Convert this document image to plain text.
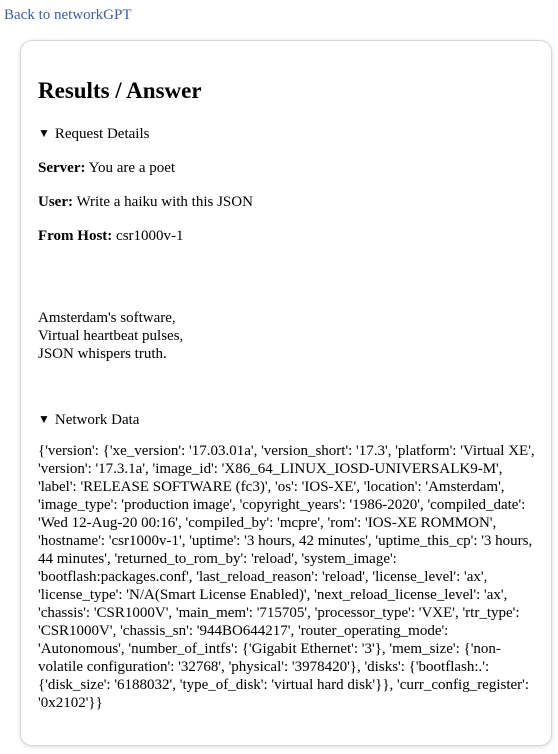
Back to networkGPT
Results / Answer
▼ Request Details
Server: You are a poet
User: Write a haiku with this JSON
From Host: csr1000v-1
Amsterdam's software,
Virtual heartbeat pulses,
JSON whispers truth.
▼ Network Data
{'version': {'xe_version': '17.03.01a', 'version_short': '17.3', 'platform': 'Virtual XE', 'version': '17.3.1a', 'image_id': 'X86_64_LINUX_IOSD-UNIVERSALK9-M', 'label': 'RELEASE SOFTWARE (fc3)', 'os': 'IOS-XE', 'location': 'Amsterdam', 'image_type': 'production image', 'copyright_years': '1986-2020', 'compiled_date': 'Wed 12-Aug-20 00:16', 'compiled_by': 'mcpre', 'rom': 'IOS-XE ROMMON', 'hostname': 'csr1000v-1', 'uptime': '3 hours, 42 minutes', 'uptime_this_cp': '3 hours, 44 minutes', 'returned_to_rom_by': 'reload', 'system_image': 'bootflash:packages.conf', 'last_reload_reason': 'reload', 'license_level': 'ax', 'license_type': 'N/A(Smart License Enabled)', 'next_reload_license_level': 'ax', 'chassis': 'CSR1000V', 'main_mem': '715705', 'processor_type': 'VXE', 'rtr_type': 'CSR1000V', 'chassis_sn': '944BO644217', 'router_operating_mode': 'Autonomous', 'number_of_intfs': {'Gigabit Ethernet': '3'}, 'mem_size': {'non-volatile configuration': '32768', 'physical': '3978420'}, 'disks': {'bootflash:.': {'disk_size': '6188032', 'type_of_disk': 'virtual hard disk'}}, 'curr_config_register': '0x2102'}}
